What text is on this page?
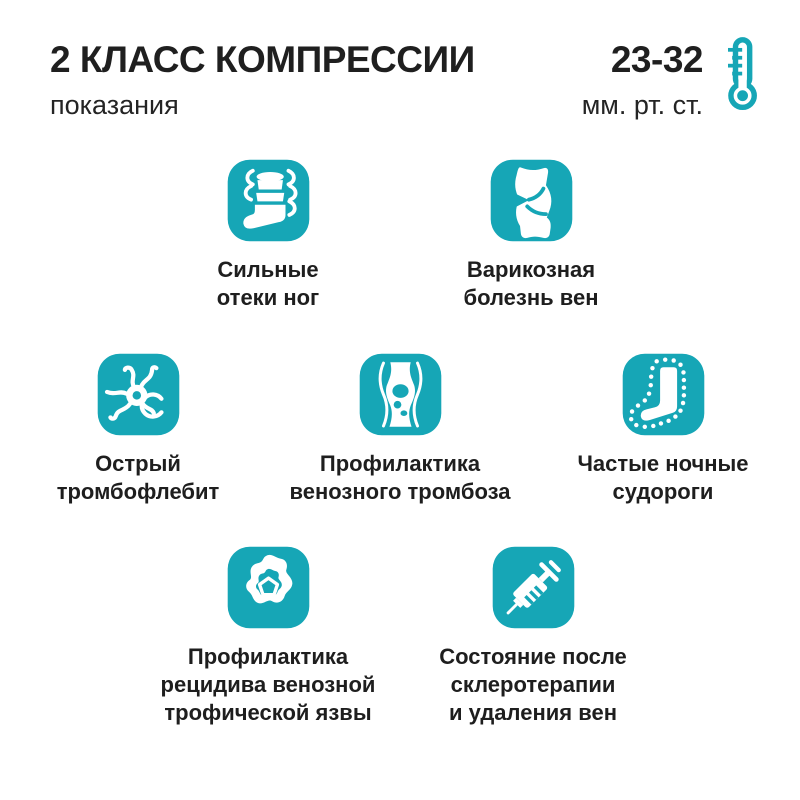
2 КЛАСС КОМПРЕССИИ
показания
23-32
мм. рт. ст.
Сильные
отеки ног
Варикозная
болезнь вен
Острый
тромбофлебит
Профилактика
венозного тромбоза
Частые ночные
судороги
Профилактика
рецидива венозной
трофической язвы
Состояние после
склеротерапии
и удаления вен
